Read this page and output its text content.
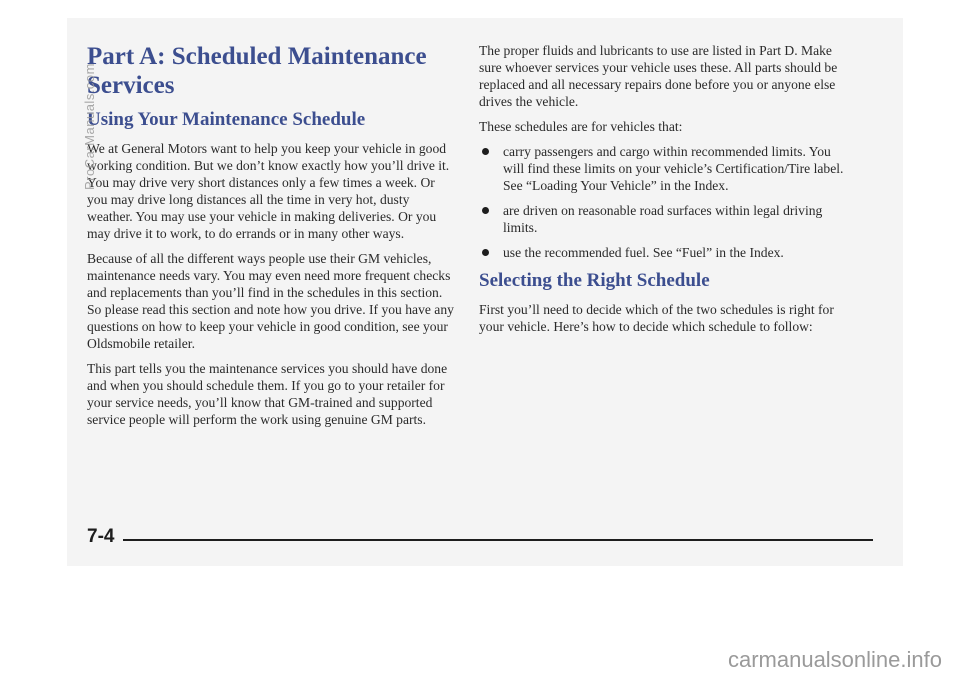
Part A: Scheduled Maintenance Services
Using Your Maintenance Schedule

We at General Motors want to help you keep your vehicle in good working condition. But we don’t know exactly how you’ll drive it. You may drive very short distances only a few times a week. Or you may drive long distances all the time in very hot, dusty weather. You may use your vehicle in making deliveries. Or you may drive it to work, to do errands or in many other ways.

Because of all the different ways people use their GM vehicles, maintenance needs vary. You may even need more frequent checks and replacements than you’ll find in the schedules in this section. So please read this section and note how you drive. If you have any questions on how to keep your vehicle in good condition, see your Oldsmobile retailer.

This part tells you the maintenance services you should have done and when you should schedule them. If you go to your retailer for your service needs, you’ll know that GM-trained and supported service people will perform the work using genuine GM parts.

The proper fluids and lubricants to use are listed in Part D. Make sure whoever services your vehicle uses these. All parts should be replaced and all necessary repairs done before you or anyone else drives the vehicle.

These schedules are for vehicles that:

carry passengers and cargo within recommended limits. You will find these limits on your vehicle’s Certification/Tire label. See “Loading Your Vehicle” in the Index.
are driven on reasonable road surfaces within legal driving limits.
use the recommended fuel. See “Fuel” in the Index.
Selecting the Right Schedule

First you’ll need to decide which of the two schedules is right for your vehicle. Here’s how to decide which schedule to follow:

7-4
ProCarManuals.com
carmanualsonline.info
